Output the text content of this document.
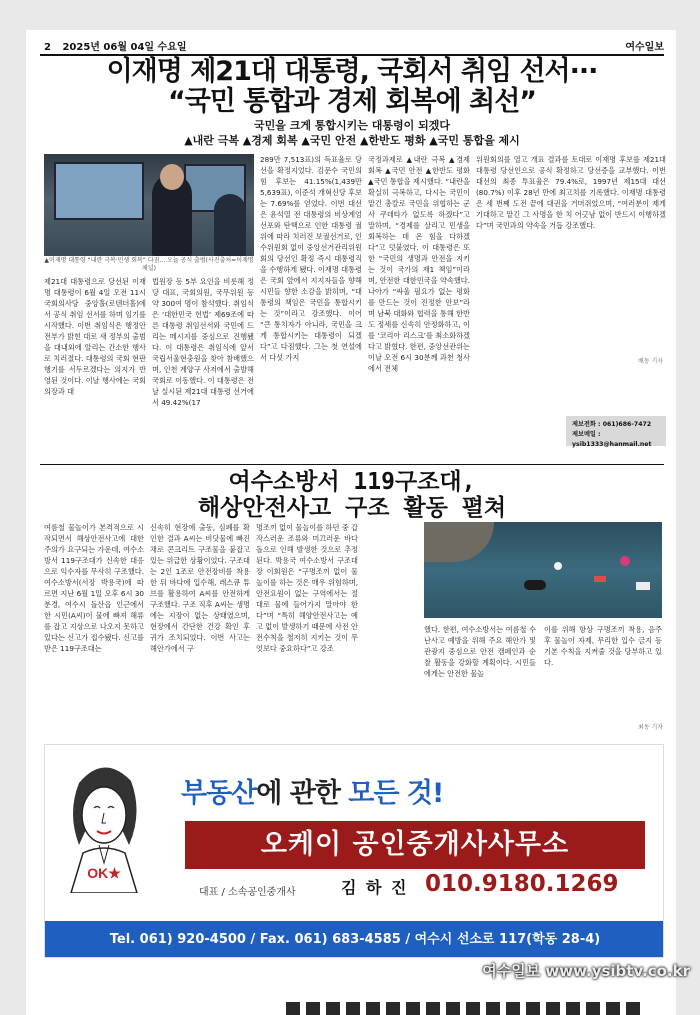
2 2025년 06월 04일 수요일	여수일보
이재명 제21대 대통령, 국회서 취임 선서···
“국민 통합과 경제 회복에 최선”
국민을 크게 통합시키는 대통령이 되겠다
▲내란 극복 ▲경제 회복 ▲국민 안전 ▲한반도 평화 ▲국민 통합을 제시
▲이재명 대통령 “내란 극복·민생 회복” 다짐... 오늘 공식 출범(사진출처=이재명 채널)

제21대 대통령으로 당선된 이재명 대통령이 6월 4일 오전 11시 국회의사당 중앙홀(로텐더홀)에서 공식 취임 선서를 하며 임기를 시작했다. 이번 취임식은 행정안전부가 밝힌 대로 새 정부의 출범을 대내외에 알리는 간소한 행사로 치러졌다. 대통령의 국회 현판 행기를 서두르겠다는 의지가 반영된 것이다. 이날 행사에는 국회의장과 대

법원장 등 5부 요인을 비롯해 정당 대표, 국회의원, 국무위원 등 약 300여 명이 참석했다. 취임식은 ‘대한민국 헌법’ 제69조에 따른 대통령 취임선서와 국민에 드리는 메시지를 중심으로 진행됐다. 이 대통령은 취임식에 앞서 국립서울현충원을 찾아 참배했으며, 인천 계양구 사저에서 출발해 국회로 이동했다. 이 대통령은 전날 실시된 제21대 대통령 선거에서 49.42%(17

289만 7,513표)의 득표율로 당선을 확정지었다. 김문수 국민의힘 후보는 41.15%(1,439만 5,639표), 이준석 개혁신당 후보는 7.69%를 얻었다. 이번 대선은 윤석열 전 대통령의 비상계엄 선포와 탄핵으로 인한 대통령 궐위에 따라 치러진 보궐선거로, 인수위원회 없이 중앙선거관리위원회의 당선인 확정 즉시 대통령직을 수행하게 됐다. 이재명 대통령은 국회 앞에서 지지자들을 향해 시민들 향한 소감을 밝히며, “대통령의 책임은 국민을 통합시키는 것”이라고 강조했다. 이어 “큰 통치자가 아니라, 국민을 크게 통합시키는 대통령이 되겠다”고 다짐했다. 그는 첫 연설에서 다섯 가지

국정과제로 ▲내란 극복 ▲경제 회복 ▲국민 안전 ▲한반도 평화 ▲국민 통합을 제시했다. “내란을 확실히 극복하고, 다시는 국민이 맡긴 총칼로 국민을 위협하는 군사 쿠데타가 없도록 하겠다”고 말하며, “경제를 살리고 민생을 회복하는 데 온 힘을 다하겠다”고 덧붙였다. 이 대통령은 또한 “국민의 생명과 안전을 지키는 것이 국가의 제1 책임”이라며, 안전한 대한민국을 약속했다. 나아가 “싸울 필요가 없는 평화를 만드는 것이 진정한 안보”라며 남북 대화와 협력을 통해 한반도 정세를 신속히 안정화하고, 이를 ‘코리아 리스크’를 최소화하겠다고 밝혔다. 한편, 중앙선관위는 이날 오전 6시 30분께 과천 청사에서 전체

위원회의를 열고 개표 결과를 토대로 이재명 후보를 제21대 대통령 당선인으로 공식 확정하고 당선증을 교부했다. 이번 대선의 최종 투표율은 79.4%로, 1997년 제15대 대선(80.7%) 이후 28년 만에 최고치를 기록했다. 이재명 대통령은 세 번째 도전 끝에 대권을 거머쥐었으며, “여러분이 제게 기대하고 맡긴 그 사명을 한 치 어긋남 없이 반드시 이행하겠다”며 국민과의 약속을 거듭 강조했다.

배동 기자
제보전화 : 061)686-7472
제보메일 : ysib1333@hanmail.net
여수소방서 119구조대,
해상안전사고 구조 활동 펼쳐

여름철 물놀이가 본격적으로 시작되면서 해상안전사고에 대한 주의가 요구되는 가운데, 여수소방서 119구조대가 신속한 대응으로 익수자를 무사히 구조했다. 여수소방서(서장 박용국)에 따르면 지난 6월 1일 오후 6시 30분경, 여수시 돌산읍 인근에서 한 시민(A씨)이 물에 빠져 해류를 잡고 지상으로 나오지 못하고 있다는 신고가 접수됐다. 신고를 받은 119구조대는

신속히 현장에 출동, 심폐를 확인한 결과 A씨는 비닷물에 빠진 채로 콘크리트 구조물을 붙잡고 있는 위급한 상황이었다. 구조대는 2인 1조로 안전장비를 착용한 뒤 바다에 입수해, 레스큐 튜브를 활용하여 A씨를 안전하게 구조했다. 구조 직후 A씨는 생명에는 지장이 없는 상태였으며, 현장에서 간단한 건강 확인 후 귀가 조치되었다. 이번 사고는 해안가에서 구

명조끼 없이 물놀이를 하던 중 갑작스러운 조류와 미끄러운 바다 돌으로 인해 발생한 것으로 추정된다. 박용국 여수소방서 구조대장 이회원은 “구명조끼 없이 물놀이를 하는 것은 매우 위험하며, 안전요원이 없는 구역에서는 절대로 물에 들어가지 말아야 한다”며 “특히 해양안전사고는 예고 없이 발생하기 때문에 사전 안전수칙을 철저히 지키는 것이 무엇보다 중요하다”고 강조

했다. 한편, 여수소방서는 여름철 수난사고 예방을 위해 주요 해안가 및 관광지 중심으로 안전 캠페인과 순찰 활동을 강화할 계획이다. 시민들에게는 안전한 물놀

이를 위해 항상 구명조끼 착용, 음주 후 물놀이 자제, 무리한 입수 금지 등 기본 수칙을 지켜줄 것을 당부하고 있다.

최동 기자
OK★
부동산에 관한 모든 것!
오케이 공인중개사사무소
대표 / 소속공인중개사	김 하 진 010.9180.1269
Tel. 061) 920-4500 / Fax. 061) 683-4585 / 여수시 선소로 117(학동 28-4)
여수일보 www.ysibtv.co.kr
